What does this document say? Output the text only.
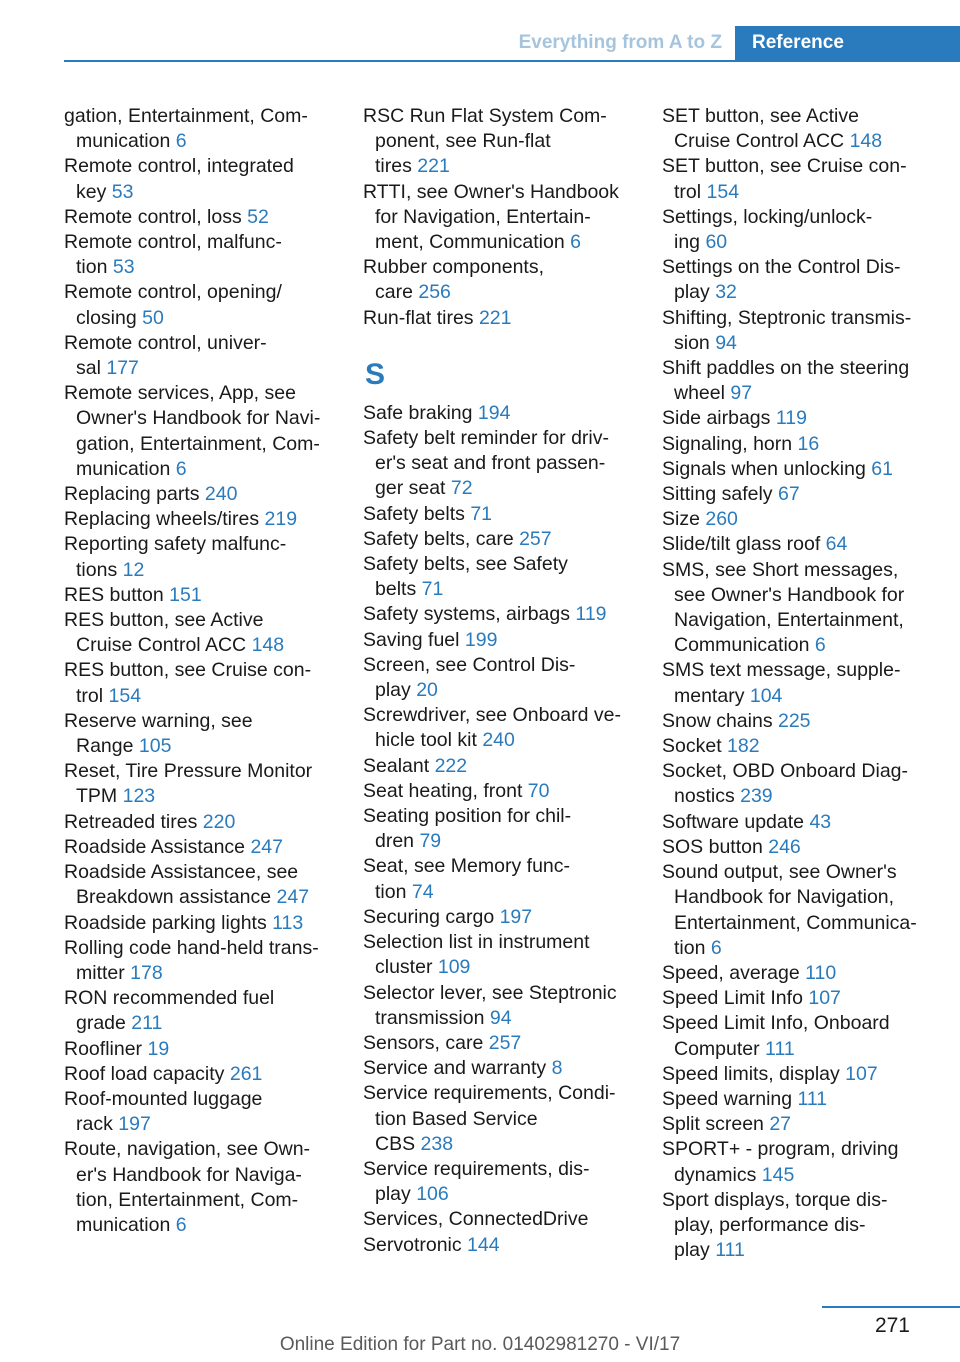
Everything from A to Z	Reference
gation, Entertainment, Com-
munication 6
Remote control, integrated
key 53
Remote control, loss 52
Remote control, malfunc-
tion 53
Remote control, opening/
closing 50
Remote control, univer-
sal 177
Remote services, App, see
Owner's Handbook for Navi-
gation, Entertainment, Com-
munication 6
Replacing parts 240
Replacing wheels/tires 219
Reporting safety malfunc-
tions 12
RES button 151
RES button, see Active
Cruise Control ACC 148
RES button, see Cruise con-
trol 154
Reserve warning, see
Range 105
Reset, Tire Pressure Monitor
TPM 123
Retreaded tires 220
Roadside Assistance 247
Roadside Assistancee, see
Breakdown assistance 247
Roadside parking lights 113
Rolling code hand-held trans-
mitter 178
RON recommended fuel
grade 211
Roofliner 19
Roof load capacity 261
Roof-mounted luggage
rack 197
Route, navigation, see Own-
er's Handbook for Naviga-
tion, Entertainment, Com-
munication 6
RSC Run Flat System Com-
ponent, see Run-flat
tires 221
RTTI, see Owner's Handbook
for Navigation, Entertain-
ment, Communication 6
Rubber components,
care 256
Run-flat tires 221
S
Safe braking 194
Safety belt reminder for driv-
er's seat and front passen-
ger seat 72
Safety belts 71
Safety belts, care 257
Safety belts, see Safety
belts 71
Safety systems, airbags 119
Saving fuel 199
Screen, see Control Dis-
play 20
Screwdriver, see Onboard ve-
hicle tool kit 240
Sealant 222
Seat heating, front 70
Seating position for chil-
dren 79
Seat, see Memory func-
tion 74
Securing cargo 197
Selection list in instrument
cluster 109
Selector lever, see Steptronic
transmission 94
Sensors, care 257
Service and warranty 8
Service requirements, Condi-
tion Based Service
CBS 238
Service requirements, dis-
play 106
Services, ConnectedDrive
Servotronic 144
SET button, see Active
Cruise Control ACC 148
SET button, see Cruise con-
trol 154
Settings, locking/unlock-
ing 60
Settings on the Control Dis-
play 32
Shifting, Steptronic transmis-
sion 94
Shift paddles on the steering
wheel 97
Side airbags 119
Signaling, horn 16
Signals when unlocking 61
Sitting safely 67
Size 260
Slide/tilt glass roof 64
SMS, see Short messages,
see Owner's Handbook for
Navigation, Entertainment,
Communication 6
SMS text message, supple-
mentary 104
Snow chains 225
Socket 182
Socket, OBD Onboard Diag-
nostics 239
Software update 43
SOS button 246
Sound output, see Owner's
Handbook for Navigation,
Entertainment, Communica-
tion 6
Speed, average 110
Speed Limit Info 107
Speed Limit Info, Onboard
Computer 111
Speed limits, display 107
Speed warning 111
Split screen 27
SPORT+ - program, driving
dynamics 145
Sport displays, torque dis-
play, performance dis-
play 111
271
Online Edition for Part no. 01402981270 - VI/17
